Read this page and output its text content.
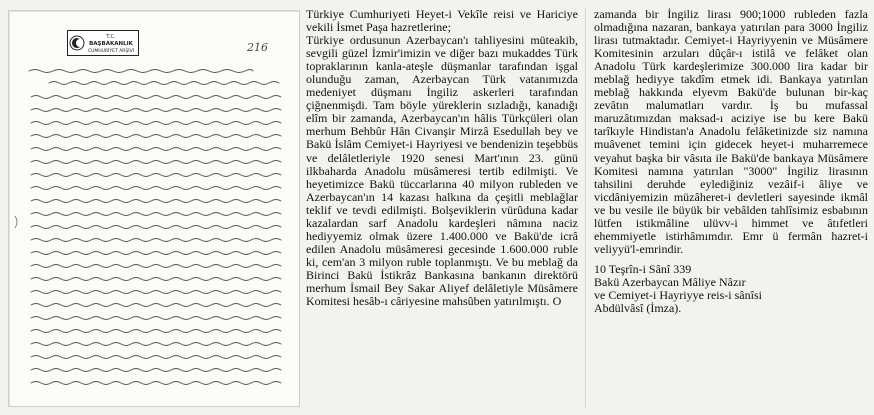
T.C.
BAŞBAKANLIK
CUMHURİYET ARŞİVİ	216

Türkiye Cumhuriyeti Heyet-i Vekîle reisi ve Hariciye vekili İsmet Paşa hazretlerine;

Türkiye ordusunun Azerbaycan'ı tahliyesini müteakib, sevgili güzel İzmir'imizin ve diğer bazı mukaddes Türk topraklarının kanla-ateşle düşmanlar tarafından işgal olunduğu zaman, Azerbaycan Türk vatanımızda medeniyet düşmanı İngiliz askerleri tarafından çiğnenmişdi. Tam böyle yüreklerin sızladığı, kanadığı elîm bir zamanda, Azerbaycan'ın hâlis Türkçüleri olan merhum Behbûr Hân Civanşir Mirzâ Esedullah bey ve Bakü İslâm Cemiyet-i Hayriyesi ve bendenizin teşebbüs ve delâletleriyle 1920 senesi Mart'ının 23. günü ilkbaharda Anadolu müsâmeresi tertib edilmişti. Ve heyetimizce Bakü tüccarlarına 40 milyon rubleden ve Azerbaycan'ın 14 kazası halkına da çeşitli meblağlar teklif ve tevdi edilmişti. Bolşeviklerin vürûduna kadar kazalardan sarf Anadolu kardeşleri nâmına naciz hediyyemiz olmak üzere 1.400.000 ve Bakü'de icrâ edilen Anadolu müsâmeresi gecesinde 1.600.000 ruble ki, cem'an 3 milyon ruble toplanmıştı. Ve bu meblağ da Birinci Bakü İstikrâz Bankasına bankanın direktörü merhum İsmail Bey Sakar Aliyef delâletiyle Müsâmere Komitesi hesâb-ı câriyesine mahsûben yatırılmıştı. O

zamanda bir İngiliz lirası 900;1000 rubleden fazla olmadığına nazaran, bankaya yatırılan para 3000 İngiliz lirası tutmaktadır. Cemiyet-i Hayriyyenin ve Müsâmere Komitesinin arzuları dûçâr-ı istilâ ve felâket olan Anadolu Türk kardeşlerimize 300.000 lira kadar bir meblağ hediyye takdîm etmek idi. Bankaya yatırılan meblağ hakkında elyevm Bakü'de bulunan bir-kaç zevâtın malumatları vardır. İş bu mufassal maruzâtımızdan maksad-ı aciziye ise bu kere Bakü tarîkıyle Hindistan'a Anadolu felâketinizde siz namına muâvenet temini için gidecek heyet-i muharremece veyahut başka bir vâsıta ile Bakü'de bankaya Müsâmere Komitesi namına yatırılan "3000" İngiliz lirasının tahsilini deruhde eylediğiniz vezâif-i âliye ve vicdâniyemizin müzâheret-i devletleri sayesinde ikmâl ve bu vesile ile büyük bir vebâlden tahlîsimiz esbabının lütfen istikmâline ulüvv-i himmet ve âtıfetleri ehemmiyetle istirhâmımdır. Emr ü fermân hazret-i veliyyü'l-emrindir.

10 Teşrîn-i Sânî 339
Bakü Azerbaycan Mâliye Nâzır
ve Cemiyet-i Hayriyye reis-i sânîsi
Abdülvâsî (İmza).
